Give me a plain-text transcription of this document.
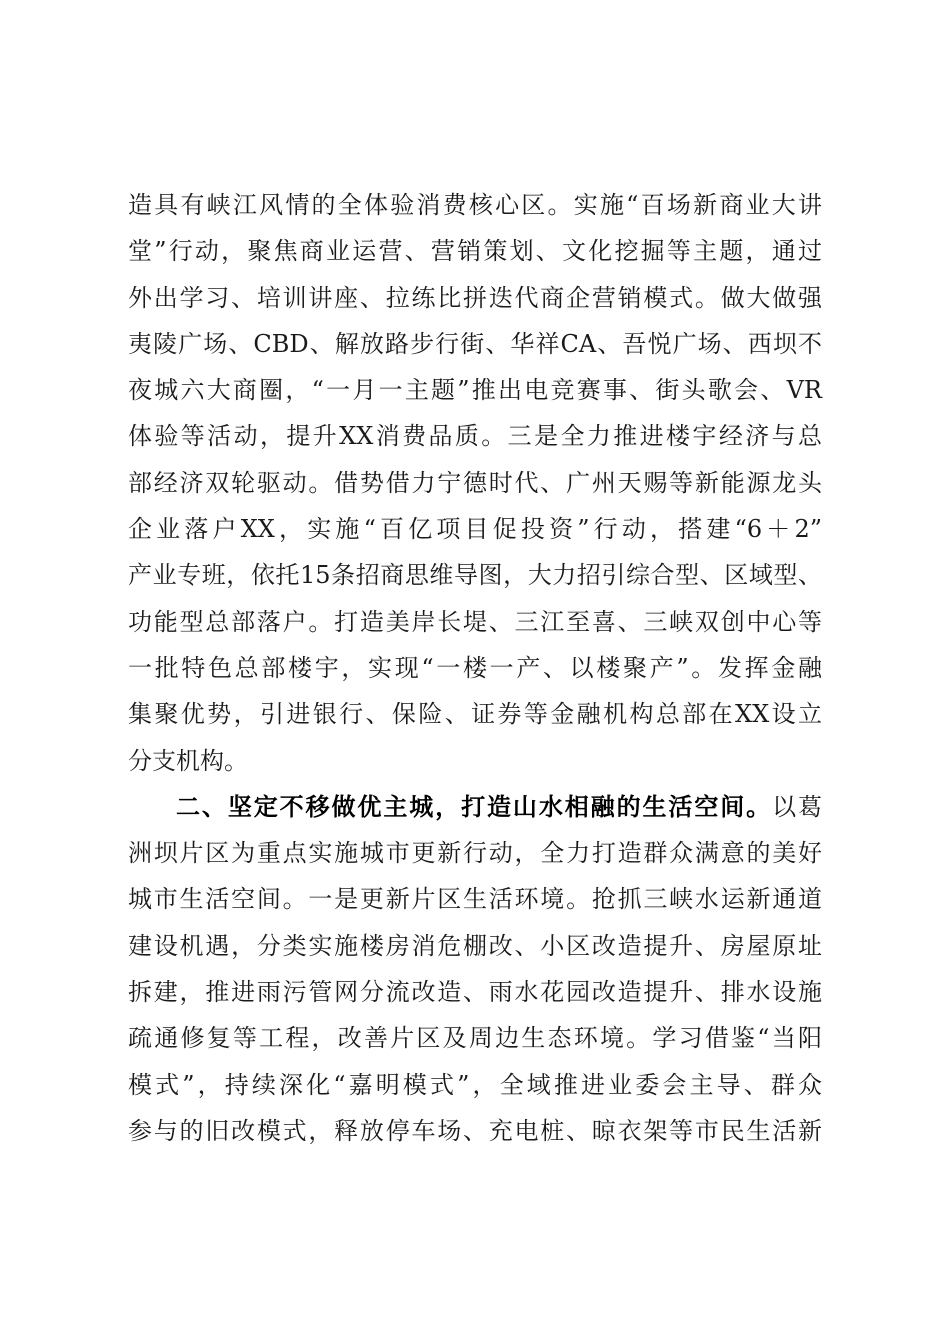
造具有峡江风情的全体验消费核心区。实施“百场新商业大讲
堂”行动，聚焦商业运营、营销策划、文化挖掘等主题，通过
外出学习、培训讲座、拉练比拼迭代商企营销模式。做大做强
夷陵广场、CBD、解放路步行街、华祥CA、吾悦广场、西坝不
夜城六大商圈，“一月一主题”推出电竞赛事、街头歌会、VR
体验等活动，提升XX消费品质。三是全力推进楼宇经济与总
部经济双轮驱动。借势借力宁德时代、广州天赐等新能源龙头
企业落户XX，实施“百亿项目促投资”行动，搭建“6＋2”
产业专班，依托15条招商思维导图，大力招引综合型、区域型、
功能型总部落户。打造美岸长堤、三江至喜、三峡双创中心等
一批特色总部楼宇，实现“一楼一产、以楼聚产”。发挥金融
集聚优势，引进银行、保险、证券等金融机构总部在XX设立
分支机构。
二、坚定不移做优主城，打造山水相融的生活空间。以葛
洲坝片区为重点实施城市更新行动，全力打造群众满意的美好
城市生活空间。一是更新片区生活环境。抢抓三峡水运新通道
建设机遇，分类实施楼房消危棚改、小区改造提升、房屋原址
拆建，推进雨污管网分流改造、雨水花园改造提升、排水设施
疏通修复等工程，改善片区及周边生态环境。学习借鉴“当阳
模式”，持续深化“嘉明模式”，全域推进业委会主导、群众
参与的旧改模式，释放停车场、充电桩、晾衣架等市民生活新
